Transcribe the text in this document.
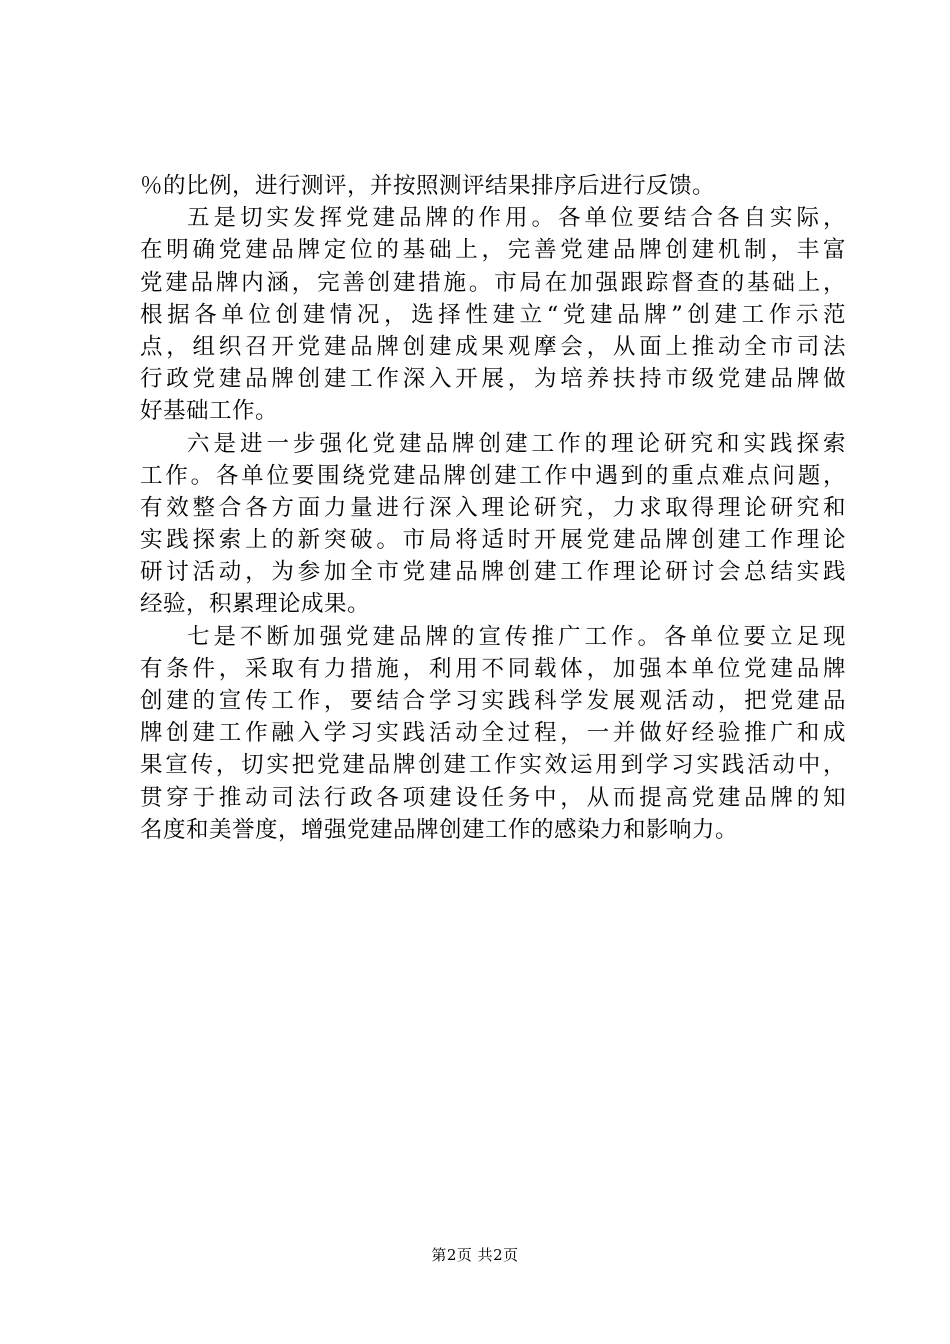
％的比例，进行测评，并按照测评结果排序后进行反馈。
五是切实发挥党建品牌的作用。各单位要结合各自实际，
在明确党建品牌定位的基础上，完善党建品牌创建机制，丰富
党建品牌内涵，完善创建措施。市局在加强跟踪督查的基础上，
根据各单位创建情况，选择性建立“党建品牌”创建工作示范
点，组织召开党建品牌创建成果观摩会，从面上推动全市司法
行政党建品牌创建工作深入开展，为培养扶持市级党建品牌做
好基础工作。
六是进一步强化党建品牌创建工作的理论研究和实践探索
工作。各单位要围绕党建品牌创建工作中遇到的重点难点问题，
有效整合各方面力量进行深入理论研究，力求取得理论研究和
实践探索上的新突破。市局将适时开展党建品牌创建工作理论
研讨活动，为参加全市党建品牌创建工作理论研讨会总结实践
经验，积累理论成果。
七是不断加强党建品牌的宣传推广工作。各单位要立足现
有条件，采取有力措施，利用不同载体，加强本单位党建品牌
创建的宣传工作，要结合学习实践科学发展观活动，把党建品
牌创建工作融入学习实践活动全过程，一并做好经验推广和成
果宣传，切实把党建品牌创建工作实效运用到学习实践活动中，
贯穿于推动司法行政各项建设任务中，从而提高党建品牌的知
名度和美誉度，增强党建品牌创建工作的感染力和影响力。
第2页 共2页
